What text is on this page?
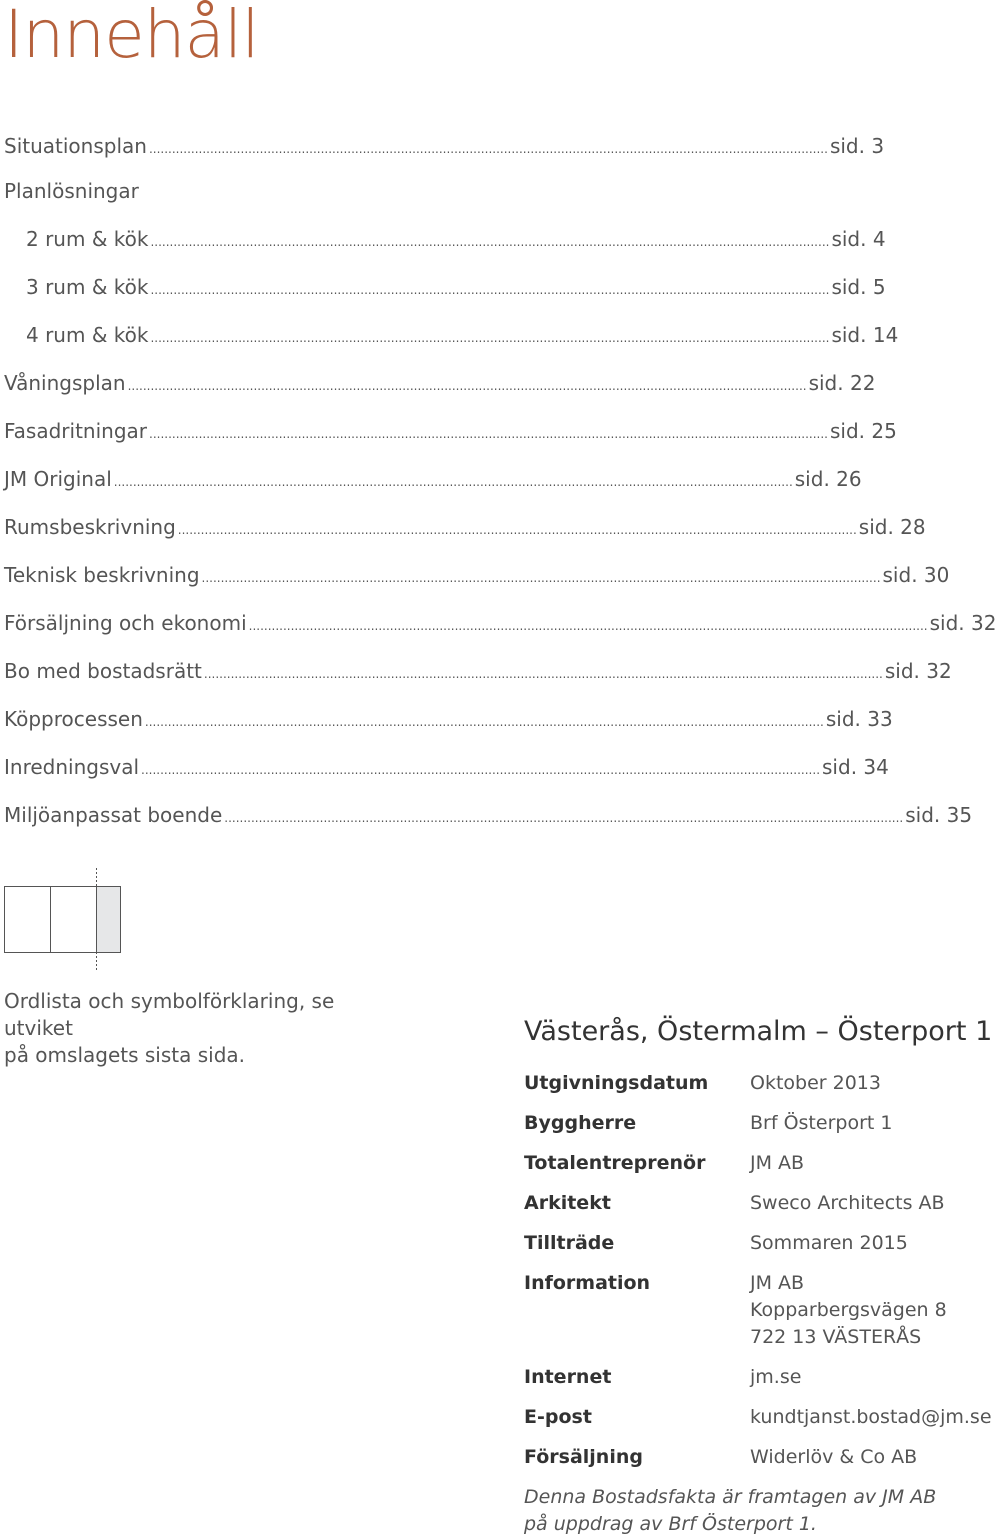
Innehåll
Situationsplan .....	sid. 3
Planlösningar
2 rum & kök .....	sid. 4
3 rum & kök .....	sid. 5
4 rum & kök .....	sid. 14
Våningsplan .....	sid. 22
Fasadritningar .....	sid. 25
JM Original .....	sid. 26
Rumsbeskrivning .....	sid. 28
Teknisk beskrivning .....	sid. 30
Försäljning och ekonomi .....	sid. 32
Bo med bostadsrätt .....	sid. 32
Köpprocessen .....	sid. 33
Inredningsval .....	sid. 34
Miljöanpassat boende .....	sid. 35
Ordlista och symbolförklaring, se utviket
på omslagets sista sida.
Västerås, Östermalm – Österport 1
Utgivningsdatum Oktober 2013
Byggherre	Brf Österport 1
Totalentreprenör JM AB
Arkitekt	Sweco Architects AB
Tillträde	Sommaren 2015
Information	JM AB
Kopparbergsvägen 8
722 13 VÄSTERÅS
Internet	jm.se
E-post	kundtjanst.bostad@jm.se
Försäljning	Widerlöv & Co AB
Denna Bostadsfakta är framtagen av JM AB
på uppdrag av Brf Österport 1.
